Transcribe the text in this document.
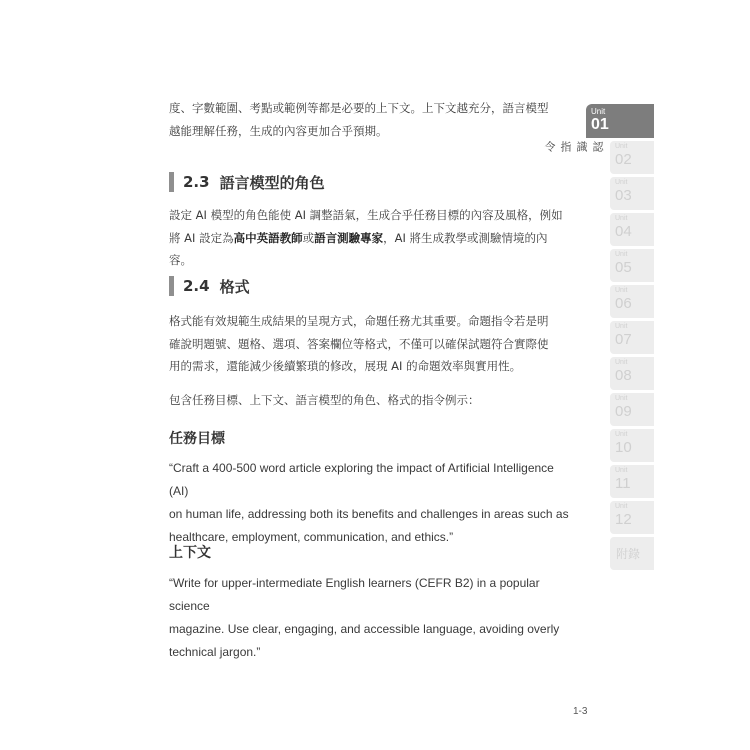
度、字數範圍、考點或範例等都是必要的上下文。上下文越充分，語言模型
越能理解任務，生成的內容更加合乎預期。

2.3 語言模型的角色

設定 AI 模型的角色能使 AI 調整語氣，生成合乎任務目標的內容及風格，例如
將 AI 設定為高中英語教師或語言測驗專家，AI 將生成教學或測驗情境的內容。

2.4 格式

格式能有效規範生成結果的呈現方式，命題任務尤其重要。命題指令若是明
確說明題號、題格、選項、答案欄位等格式，不僅可以確保試題符合實際使
用的需求，還能減少後續繁瑣的修改，展現 AI 的命題效率與實用性。

包含任務目標、上下文、語言模型的角色、格式的指令例示：

任務目標

“Craft a 400-500 word article exploring the impact of Artificial Intelligence (AI)
on human life, addressing both its benefits and challenges in areas such as
healthcare, employment, communication, and ethics.”

上下文

“Write for upper-intermediate English learners (CEFR B2) in a popular science
magazine. Use clear, engaging, and accessible language, avoiding overly
technical jargon.”

1-3
Unit
01
認識指令	Unit
02
Unit
03
Unit
04
Unit
05
Unit
06
Unit
07
Unit
08
Unit
09
Unit
10
Unit
11
Unit
12
附錄
